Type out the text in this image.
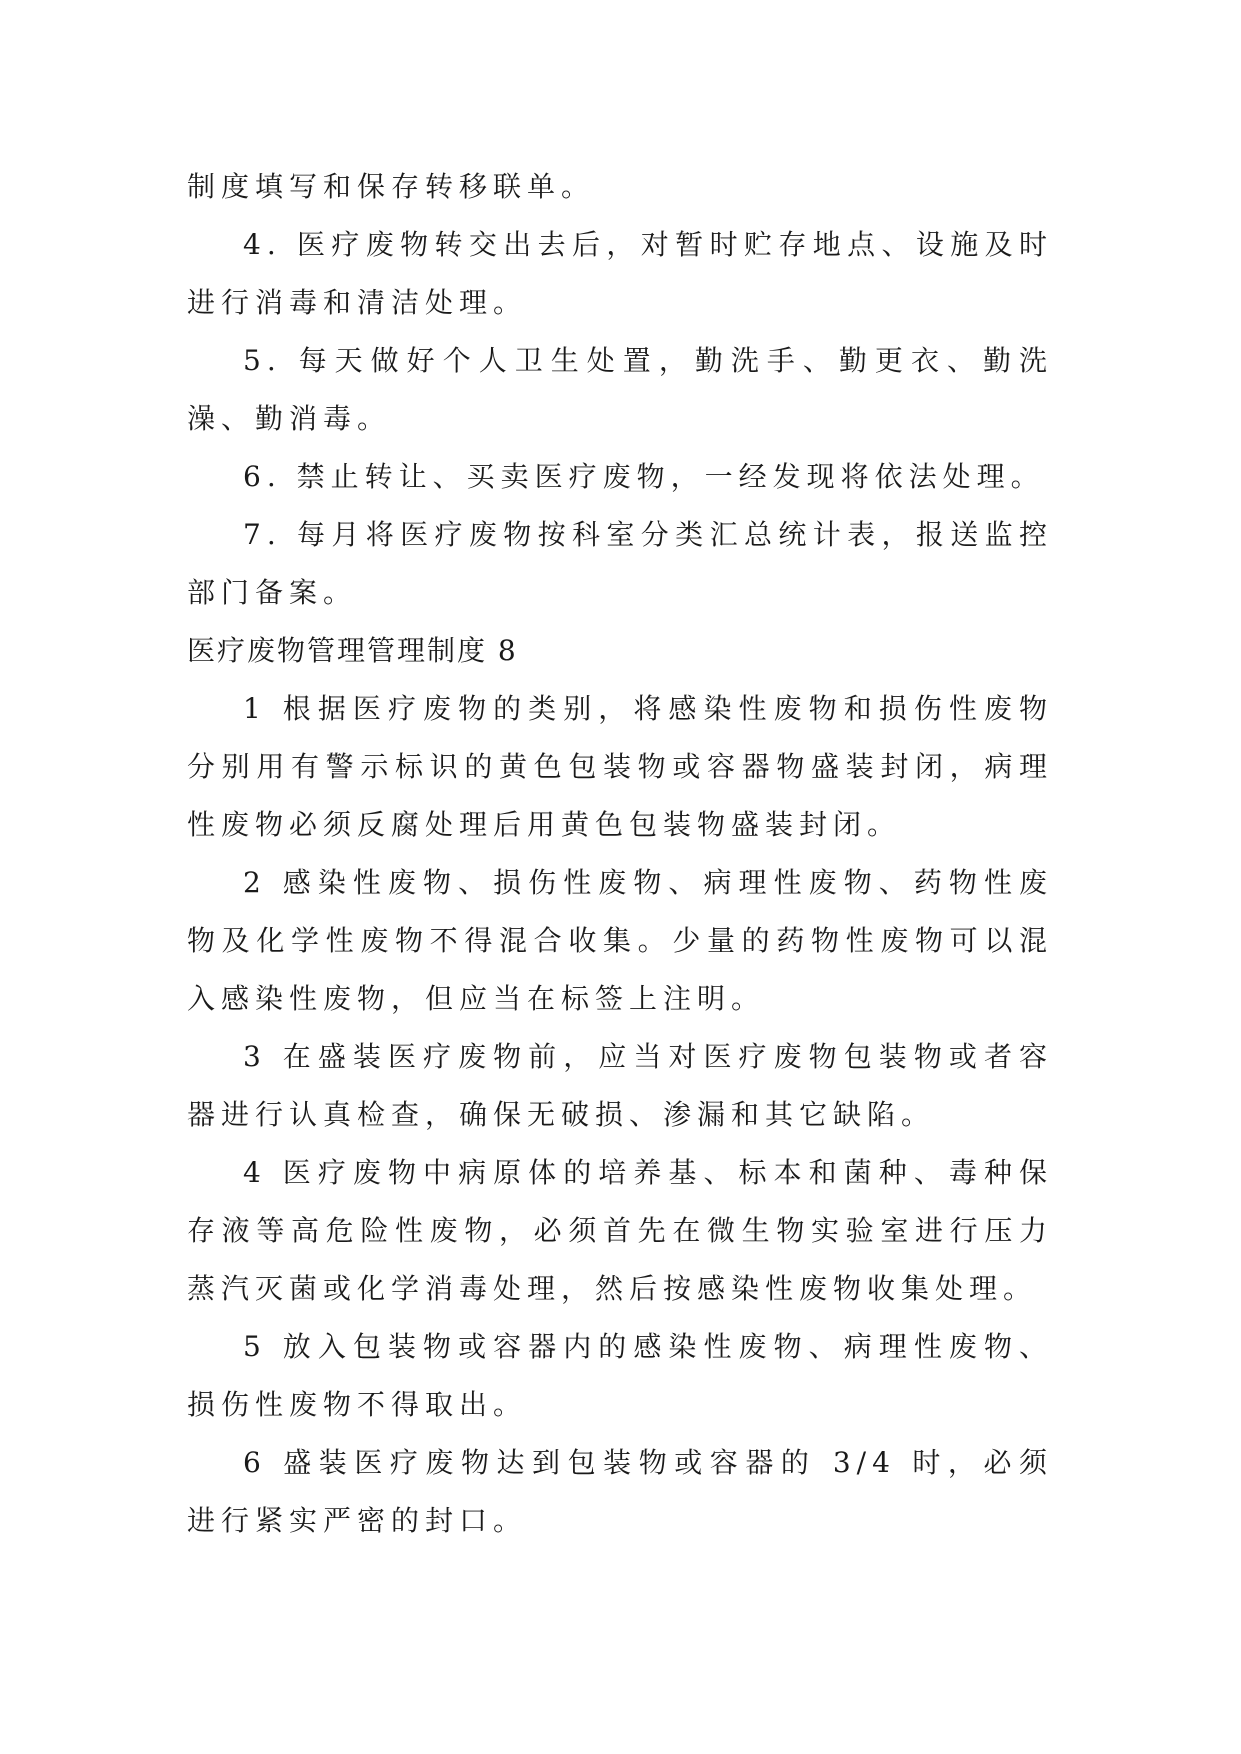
制度填写和保存转移联单。

4. 医疗废物转交出去后，对暂时贮存地点、设施及时进行消毒和清洁处理。

5. 每天做好个人卫生处置，勤洗手、勤更衣、勤洗澡、勤消毒。

6. 禁止转让、买卖医疗废物，一经发现将依法处理。

7. 每月将医疗废物按科室分类汇总统计表，报送监控部门备案。

医疗废物管理管理制度 8

1 根据医疗废物的类别，将感染性废物和损伤性废物分别用有警示标识的黄色包装物或容器物盛装封闭，病理性废物必须反腐处理后用黄色包装物盛装封闭。

2 感染性废物、损伤性废物、病理性废物、药物性废物及化学性废物不得混合收集。少量的药物性废物可以混入感染性废物，但应当在标签上注明。

3 在盛装医疗废物前，应当对医疗废物包装物或者容器进行认真检查，确保无破损、渗漏和其它缺陷。

4 医疗废物中病原体的培养基、标本和菌种、毒种保存液等高危险性废物，必须首先在微生物实验室进行压力蒸汽灭菌或化学消毒处理，然后按感染性废物收集处理。

5 放入包装物或容器内的感染性废物、病理性废物、损伤性废物不得取出。

6 盛装医疗废物达到包装物或容器的 3/4 时，必须进行紧实严密的封口。
